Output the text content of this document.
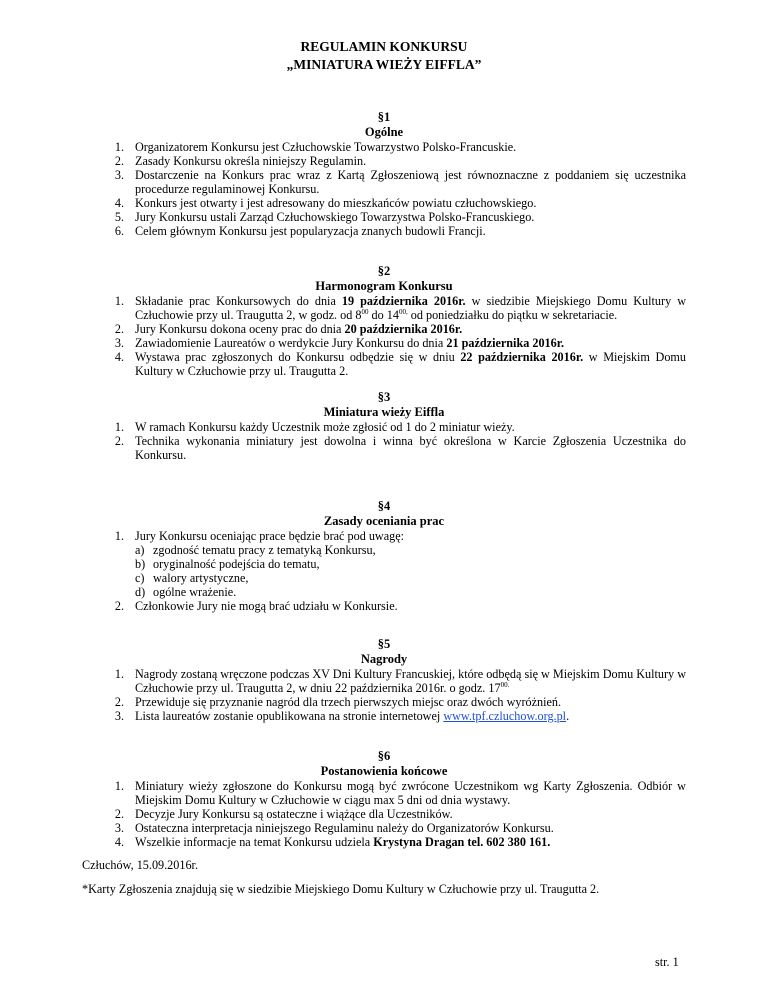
REGULAMIN KONKURSU
„MINIATURA WIEŻY EIFFLA”
§1
Ogólne
1. Organizatorem Konkursu jest Człuchowskie Towarzystwo Polsko-Francuskie.
2. Zasady Konkursu określa niniejszy Regulamin.
3. Dostarczenie na Konkurs prac wraz z Kartą Zgłoszeniową jest równoznaczne z poddaniem się uczestnika procedurze regulaminowej Konkursu.
4. Konkurs jest otwarty i jest adresowany do mieszkańców powiatu człuchowskiego.
5. Jury Konkursu ustali Zarząd Człuchowskiego Towarzystwa Polsko-Francuskiego.
6. Celem głównym Konkursu jest popularyzacja znanych budowli Francji.
§2
Harmonogram Konkursu
1. Składanie prac Konkursowych do dnia 19 października 2016r. w siedzibie Miejskiego Domu Kultury w Człuchowie przy ul. Traugutta 2, w godz. od $8^{00}$ do $14^{00,}$ od poniedziałku do piątku w sekretariacie.
2. Jury Konkursu dokona oceny prac do dnia 20 października 2016r.
3. Zawiadomienie Laureatów o werdykcie Jury Konkursu do dnia 21 października 2016r.
4. Wystawa prac zgłoszonych do Konkursu odbędzie się w dniu 22 października 2016r. w Miejskim Domu Kultury w Człuchowie przy ul. Traugutta 2.
§3
Miniatura wieży Eiffla
1. W ramach Konkursu każdy Uczestnik może zgłosić od 1 do 2 miniatur wieży.
2. Technika wykonania miniatury jest dowolna i winna być określona w Karcie Zgłoszenia Uczestnika do Konkursu.
§4
Zasady oceniania prac
1. Jury Konkursu oceniając prace będzie brać pod uwagę:
a) zgodność tematu pracy z tematyką Konkursu,
b) oryginalność podejścia do tematu,
c) walory artystyczne,
d) ogólne wrażenie.
2. Członkowie Jury nie mogą brać udziału w Konkursie.
§5
Nagrody
1. Nagrody zostaną wręczone podczas XV Dni Kultury Francuskiej, które odbędą się w Miejskim Domu Kultury w Człuchowie przy ul. Traugutta 2, w dniu 22 października 2016r. o godz. $17^{00.}$
2. Przewiduje się przyznanie nagród dla trzech pierwszych miejsc oraz dwóch wyróżnień.
3. Lista laureatów zostanie opublikowana na stronie internetowej www.tpf.czluchow.org.pl.
§6
Postanowienia końcowe
1. Miniatury wieży zgłoszone do Konkursu mogą być zwrócone Uczestnikom wg Karty Zgłoszenia. Odbiór w Miejskim Domu Kultury w Człuchowie w ciągu max 5 dni od dnia wystawy.
2. Decyzje Jury Konkursu są ostateczne i wiążące dla Uczestników.
3. Ostateczna interpretacja niniejszego Regulaminu należy do Organizatorów Konkursu.
4. Wszelkie informacje na temat Konkursu udziela Krystyna Dragan tel. 602 380 161.
Człuchów, 15.09.2016r.
*Karty Zgłoszenia znajdują się w siedzibie Miejskiego Domu Kultury w Człuchowie przy ul. Traugutta 2.
str. 1
